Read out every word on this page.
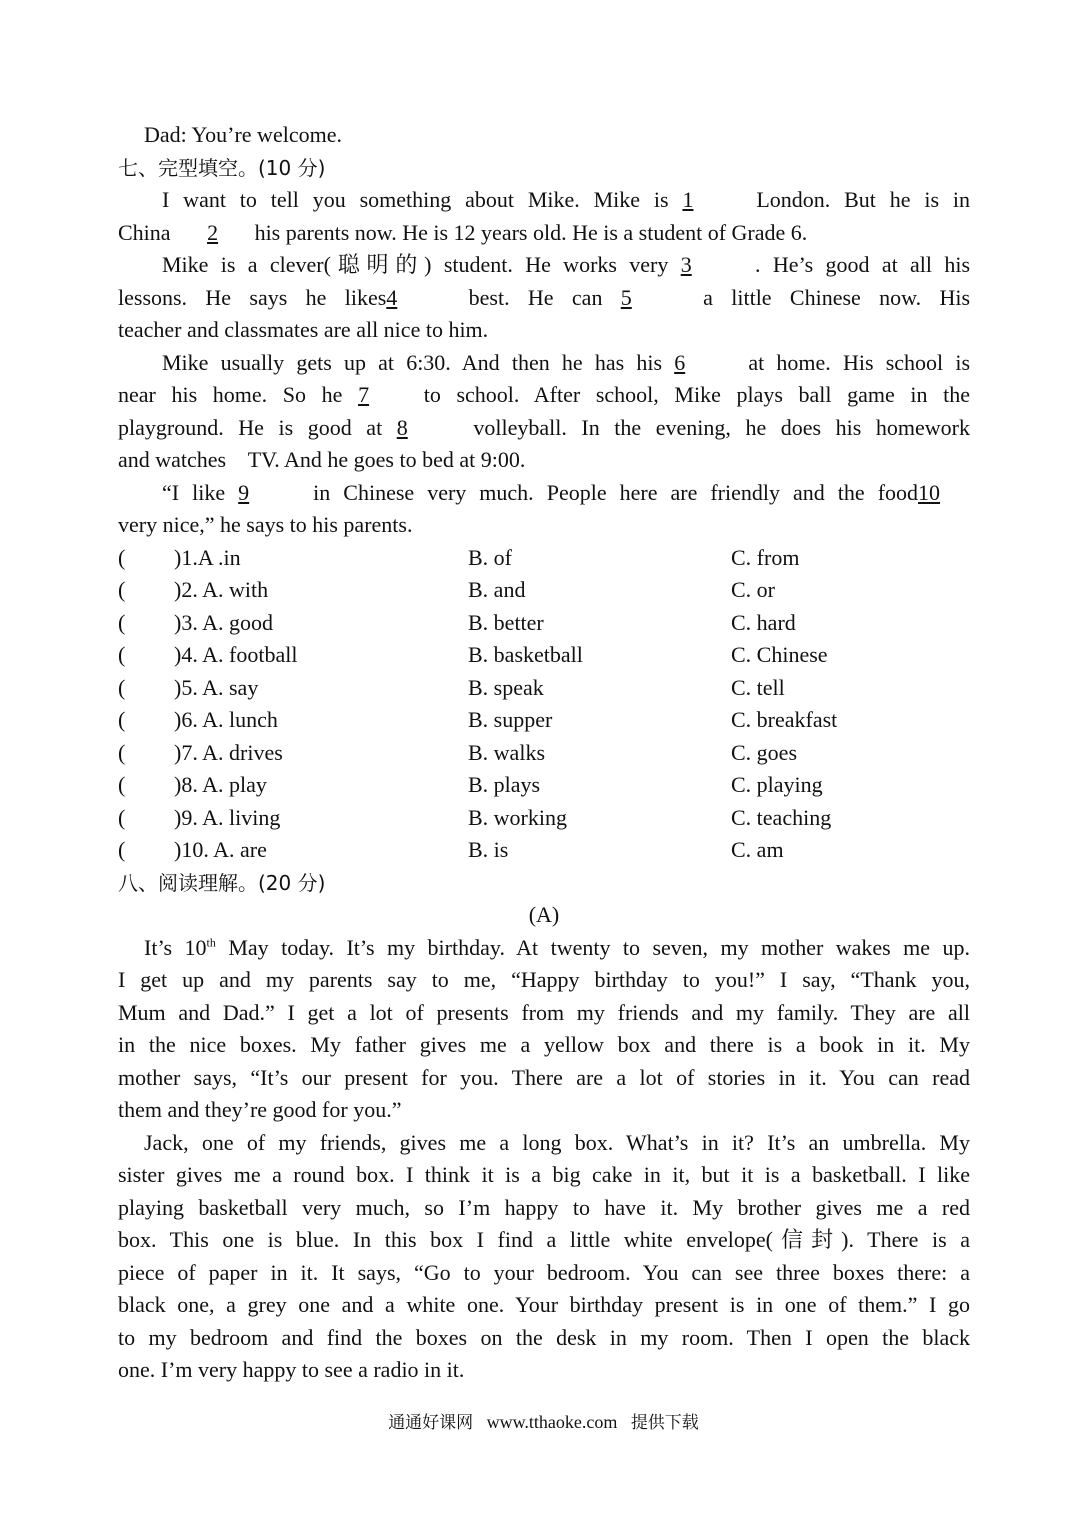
Dad: You’re welcome.
七、完型填空。(10 分)
I want to tell you something about Mike. Mike is 1	London. But he is in
China 2 his parents now. He is 12 years old. He is a student of Grade 6.
Mike is a clever(聪明的) student. He works very 3	. He’s good at all his
lessons. He says he likes4	best. He can 5	a little Chinese now. His
teacher and classmates are all nice to him.
Mike usually gets up at 6:30. And then he has his 6	at home. His school is
near his home. So he 7 to school. After school, Mike plays ball game in the
playground. He is good at 8	volleyball. In the evening, he does his homework
and watches    TV. And he goes to bed at 9:00.
“I like 9	in Chinese very much. People here are friendly and the food10
very nice,” he says to his parents.
( )1.A .in	B. of	C. from
( )2. A. with	B. and	C. or
( )3. A. good	B. better	C. hard
( )4. A. football	B. basketball	C. Chinese
( )5. A. say	B. speak	C. tell
( )6. A. lunch	B. supper	C. breakfast
( )7. A. drives	B. walks	C. goes
( )8. A. play	B. plays	C. playing
( )9. A. living	B. working	C. teaching
( )10. A. are	B. is	C. am
八、阅读理解。(20 分)
(A)
It’s 10th May today. It’s my birthday. At twenty to seven, my mother wakes me up.
I get up and my parents say to me, “Happy birthday to you!” I say, “Thank you,
Mum and Dad.” I get a lot of presents from my friends and my family. They are all
in the nice boxes. My father gives me a yellow box and there is a book in it. My
mother says, “It’s our present for you. There are a lot of stories in it. You can read
them and they’re good for you.”
Jack, one of my friends, gives me a long box. What’s in it? It’s an umbrella. My
sister gives me a round box. I think it is a big cake in it, but it is a basketball. I like
playing basketball very much, so I’m happy to have it. My brother gives me a red
box. This one is blue. In this box I find a little white envelope(信封). There is a
piece of paper in it. It says, “Go to your bedroom. You can see three boxes there: a
black one, a grey one and a white one. Your birthday present is in one of them.” I go
to my bedroom and find the boxes on the desk in my room. Then I open the black
one. I’m very happy to see a radio in it.
通通好课网 www.tthaoke.com 提供下载
